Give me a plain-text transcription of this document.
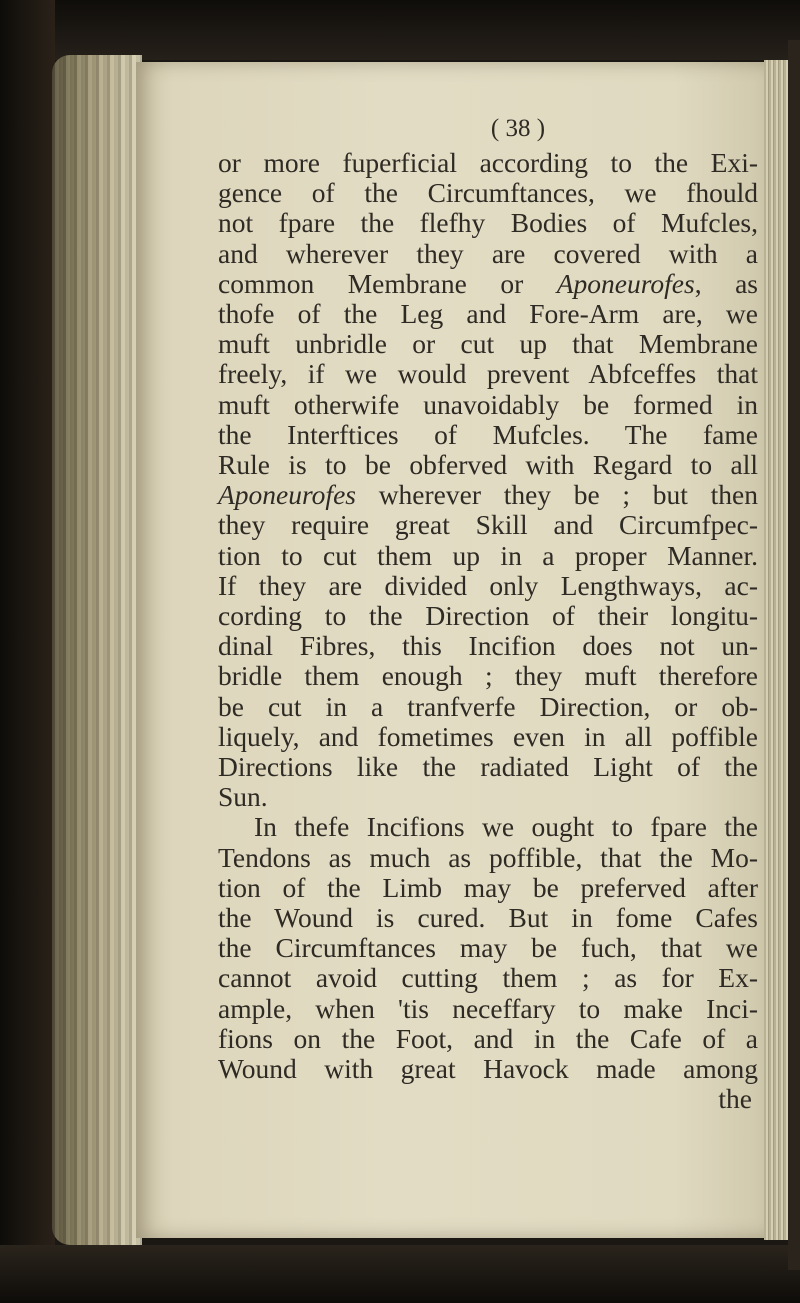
( 38 )
or more fuperficial according to the Exi-
gence of the Circumftances, we fhould
not fpare the flefhy Bodies of Mufcles,
and wherever they are covered with a
common Membrane or Aponeurofes, as
thofe of the Leg and Fore-Arm are, we
muft unbridle or cut up that Membrane
freely, if we would prevent Abfceffes that
muft otherwife unavoidably be formed in
the Interftices of Mufcles. The fame
Rule is to be obferved with Regard to all
Aponeurofes wherever they be ; but then
they require great Skill and Circumfpec-
tion to cut them up in a proper Manner.
If they are divided only Lengthways, ac-
cording to the Direction of their longitu-
dinal Fibres, this Incifion does not un-
bridle them enough ; they muft therefore
be cut in a tranfverfe Direction, or ob-
liquely, and fometimes even in all poffible
Directions like the radiated Light of the
Sun.
In thefe Incifions we ought to fpare the
Tendons as much as poffible, that the Mo-
tion of the Limb may be preferved after
the Wound is cured. But in fome Cafes
the Circumftances may be fuch, that we
cannot avoid cutting them ; as for Ex-
ample, when 'tis neceffary to make Inci-
fions on the Foot, and in the Cafe of a
Wound with great Havock made among
the
